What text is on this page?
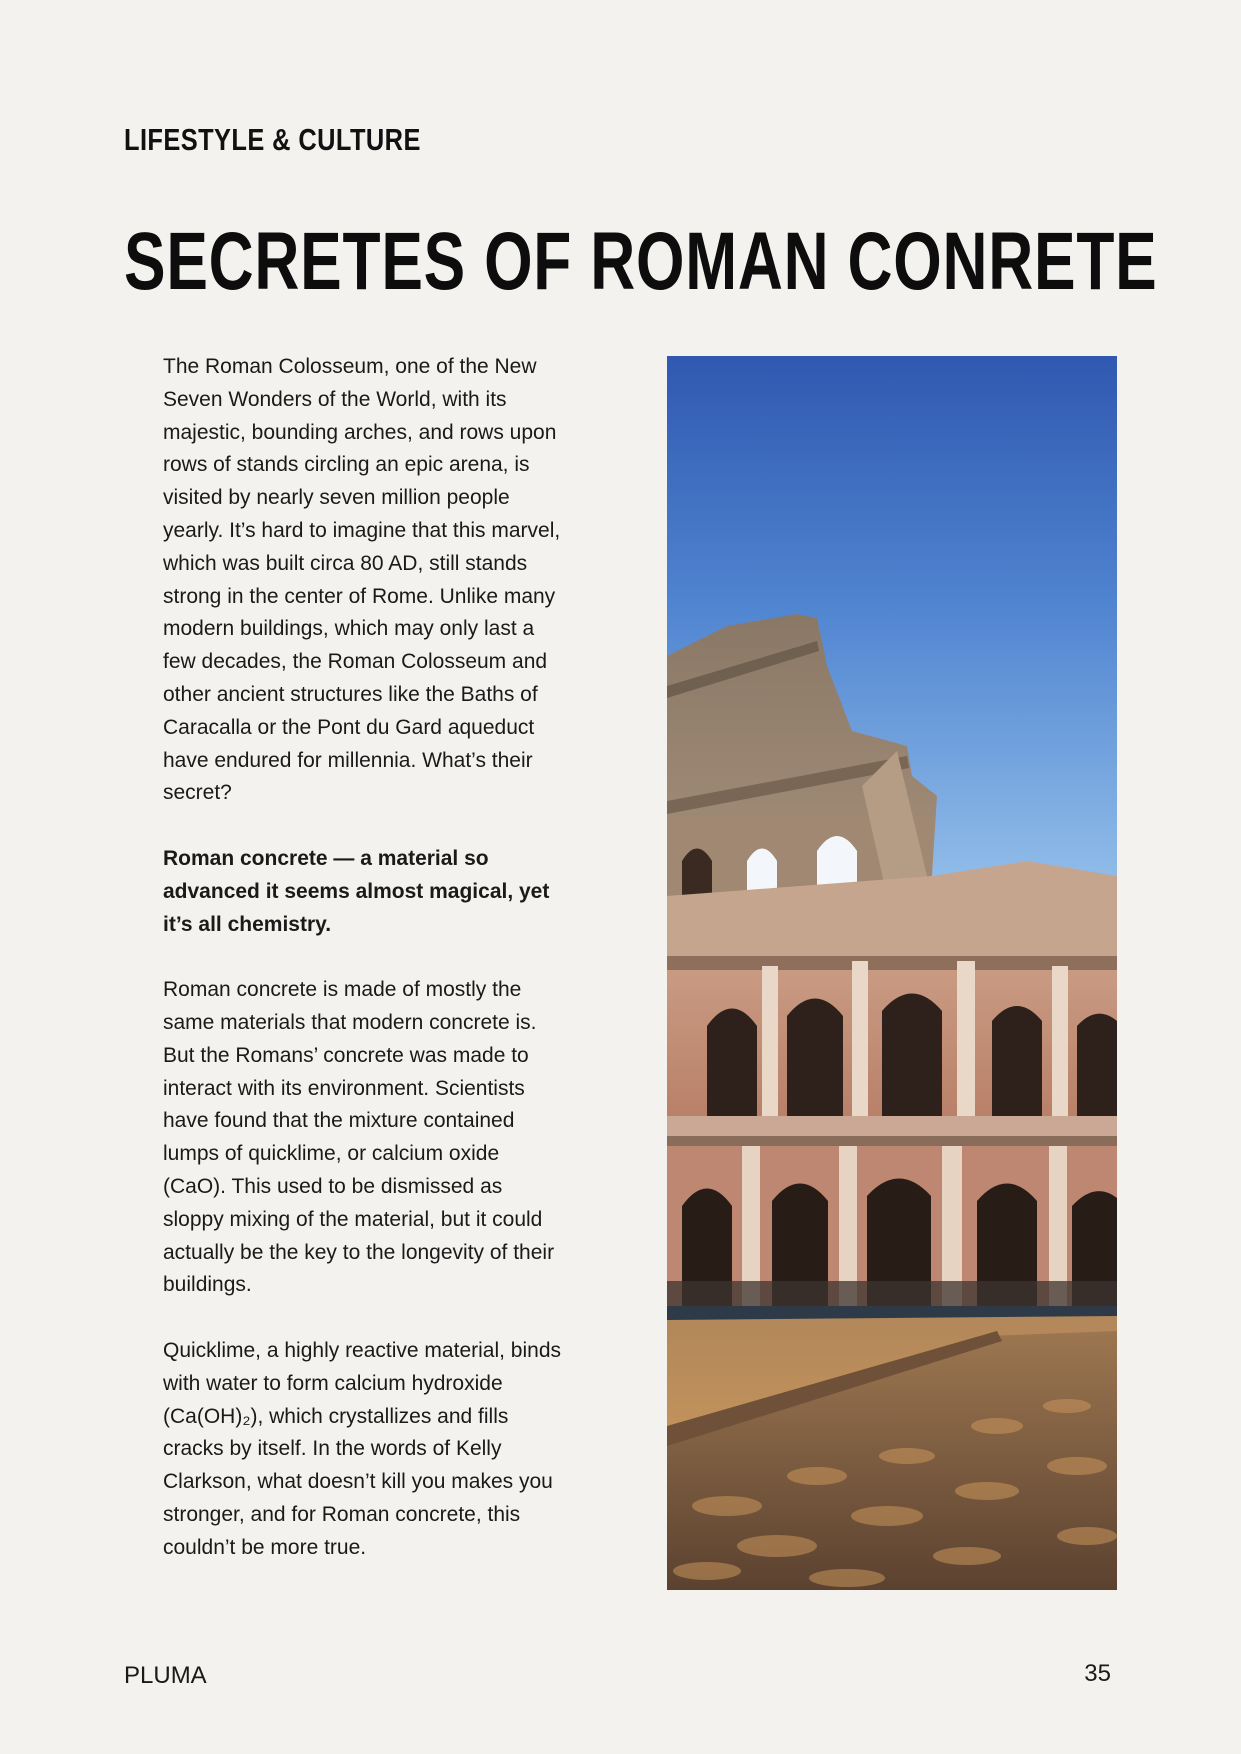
LIFESTYLE & CULTURE
SECRETES OF ROMAN CONRETE

The Roman Colosseum, one of the New Seven Wonders of the World, with its majestic, bounding arches, and rows upon rows of stands circling an epic arena, is visited by nearly seven million people yearly. It’s hard to imagine that this marvel, which was built circa 80 AD, still stands strong in the center of Rome. Unlike many modern buildings, which may only last a few decades, the Roman Colosseum and other ancient structures like the Baths of Caracalla or the Pont du Gard aqueduct have endured for millennia. What’s their secret?

Roman concrete — a material so advanced it seems almost magical, yet it’s all chemistry.

Roman concrete is made of mostly the same materials that modern concrete is. But the Romans’ concrete was made to interact with its environment. Scientists have found that the mixture contained lumps of quicklime, or calcium oxide (CaO). This used to be dismissed as sloppy mixing of the material, but it could actually be the key to the longevity of their buildings.

Quicklime, a highly reactive material, binds with water to form calcium hydroxide (Ca(OH)₂), which crystallizes and fills cracks by itself. In the words of Kelly Clarkson, what doesn’t kill you makes you stronger, and for Roman concrete, this couldn’t be more true.

PLUMA	35
